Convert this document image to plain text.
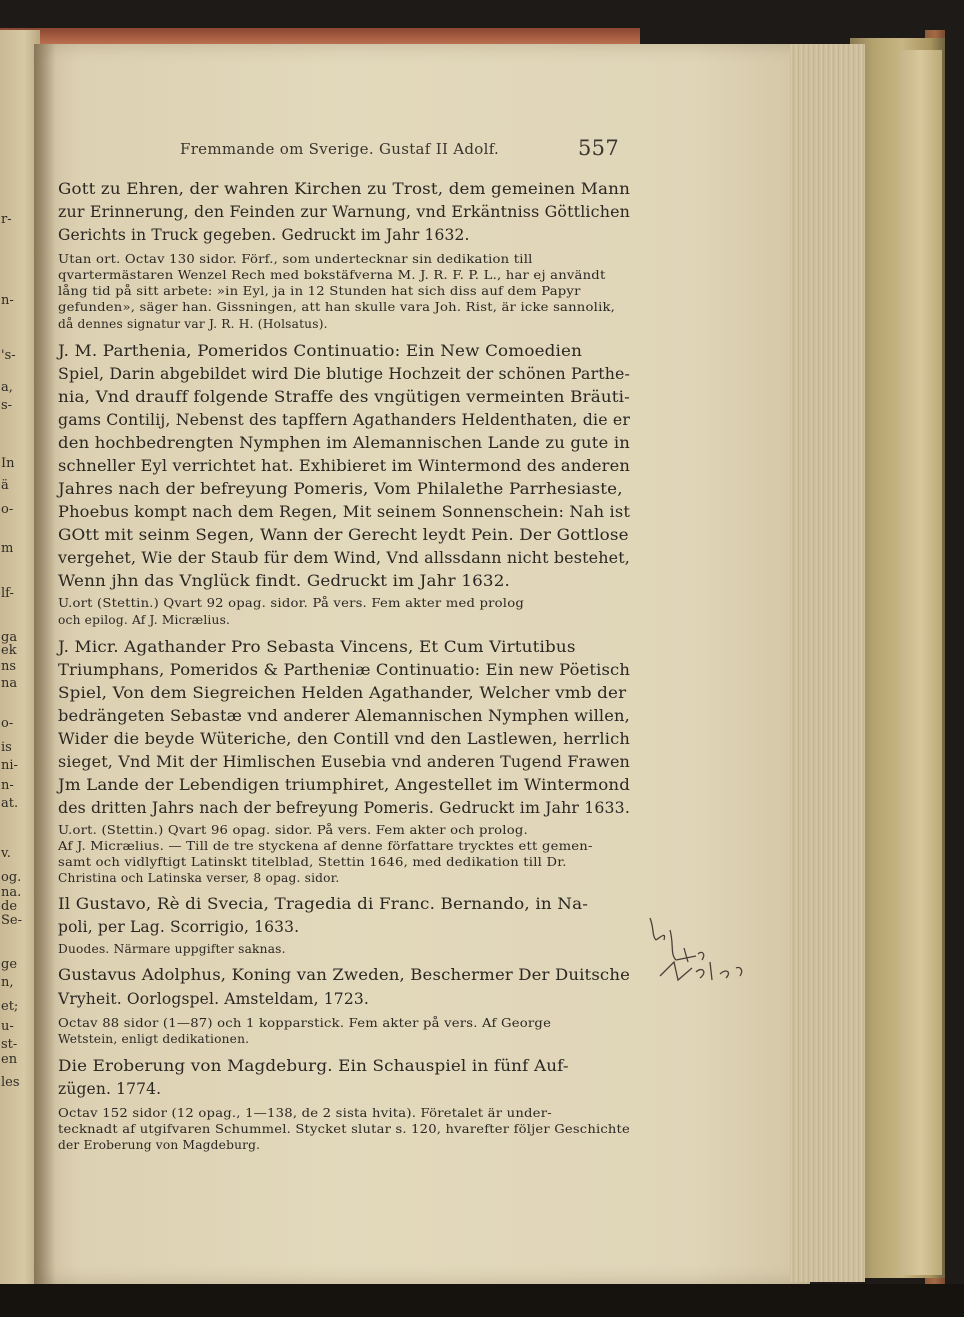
r-
n-
's-
a,
s-
In
ä
o-
m
lf-
ga
ek
ns
na
o-
is
ni-
n-
at.
v.
og.
na.
de
Se-
ge
n,
et;
u-
st-
en
les
Fremmande om Sverige. Gustaf II Adolf.	557
Gott zu Ehren, der wahren Kirchen zu Trost, dem gemeinen Mann
zur Erinnerung, den Feinden zur Warnung, vnd Erkäntniss Göttlichen
Gerichts in Truck gegeben. Gedruckt im Jahr 1632.
Utan ort. Octav 130 sidor. Förf., som undertecknar sin dedikation till
qvartermästaren Wenzel Rech med bokstäfverna M. J. R. F. P. L., har ej användt
lång tid på sitt arbete: »in Eyl, ja in 12 Stunden hat sich diss auf dem Papyr
gefunden», säger han. Gissningen, att han skulle vara Joh. Rist, är icke sannolik,
då dennes signatur var J. R. H. (Holsatus).
J. M. Parthenia, Pomeridos Continuatio: Ein New Comoedien
Spiel, Darin abgebildet wird Die blutige Hochzeit der schönen Parthe-
nia, Vnd drauff folgende Straffe des vngütigen vermeinten Bräuti-
gams Contilij, Nebenst des tapffern Agathanders Heldenthaten, die er
den hochbedrengten Nymphen im Alemannischen Lande zu gute in
schneller Eyl verrichtet hat. Exhibieret im Wintermond des anderen
Jahres nach der befreyung Pomeris, Vom Philalethe Parrhesiaste,
Phoebus kompt nach dem Regen, Mit seinem Sonnenschein: Nah ist
GOtt mit seinm Segen, Wann der Gerecht leydt Pein. Der Gottlose
vergehet, Wie der Staub für dem Wind, Vnd allssdann nicht bestehet,
Wenn jhn das Vnglück findt. Gedruckt im Jahr 1632.
U.ort (Stettin.) Qvart 92 opag. sidor. På vers. Fem akter med prolog
och epilog. Af J. Micrælius.
J. Micr. Agathander Pro Sebasta Vincens, Et Cum Virtutibus
Triumphans, Pomeridos & Partheniæ Continuatio: Ein new Pöetisch
Spiel, Von dem Siegreichen Helden Agathander, Welcher vmb der
bedrängeten Sebastæ vnd anderer Alemannischen Nymphen willen,
Wider die beyde Wüteriche, den Contill vnd den Lastlewen, herrlich
sieget, Vnd Mit der Himlischen Eusebia vnd anderen Tugend Frawen
Jm Lande der Lebendigen triumphiret, Angestellet im Wintermond
des dritten Jahrs nach der befreyung Pomeris. Gedruckt im Jahr 1633.
U.ort. (Stettin.) Qvart 96 opag. sidor. På vers. Fem akter och prolog.
Af J. Micrælius. — Till de tre styckena af denne författare trycktes ett gemen-
samt och vidlyftigt Latinskt titelblad, Stettin 1646, med dedikation till Dr.
Christina och Latinska verser, 8 opag. sidor.
Il Gustavo, Rè di Svecia, Tragedia di Franc. Bernando, in Na-
poli, per Lag. Scorrigio, 1633.
Duodes. Närmare uppgifter saknas.
Gustavus Adolphus, Koning van Zweden, Beschermer Der Duitsche
Vryheit. Oorlogspel. Amsteldam, 1723.
Octav 88 sidor (1—87) och 1 kopparstick. Fem akter på vers. Af George
Wetstein, enligt dedikationen.
Die Eroberung von Magdeburg. Ein Schauspiel in fünf Auf-
zügen. 1774.
Octav 152 sidor (12 opag., 1—138, de 2 sista hvita). Företalet är under-
tecknadt af utgifvaren Schummel. Stycket slutar s. 120, hvarefter följer Geschichte
der Eroberung von Magdeburg.
